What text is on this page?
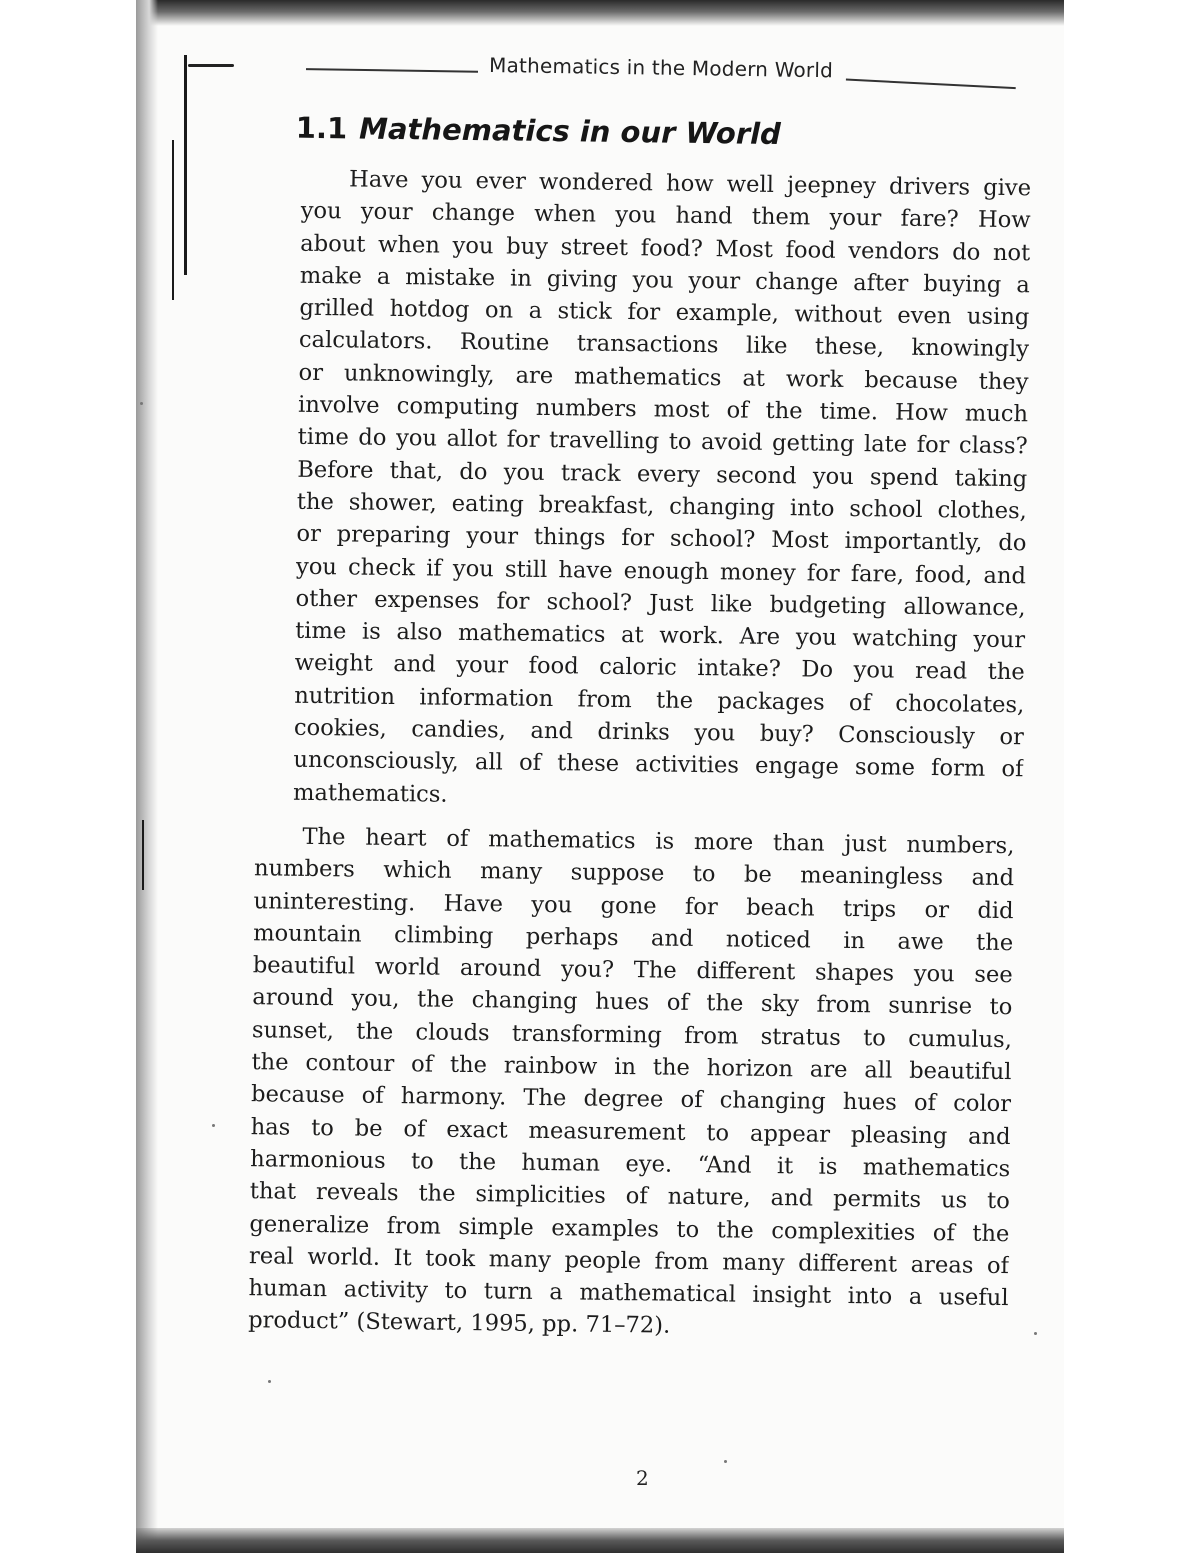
Mathematics in the Modern World
1.1 Mathematics in our World
Have you ever wondered how well jeepney drivers give
you your change when you hand them your fare? How
about when you buy street food? Most food vendors do not
make a mistake in giving you your change after buying a
grilled hotdog on a stick for example, without even using
calculators. Routine transactions like these, knowingly
or unknowingly, are mathematics at work because they
involve computing numbers most of the time. How much
time do you allot for travelling to avoid getting late for class?
Before that, do you track every second you spend taking
the shower, eating breakfast, changing into school clothes,
or preparing your things for school? Most importantly, do
you check if you still have enough money for fare, food, and
other expenses for school? Just like budgeting allowance,
time is also mathematics at work. Are you watching your
weight and your food caloric intake? Do you read the
nutrition information from the packages of chocolates,
cookies, candies, and drinks you buy? Consciously or
unconsciously, all of these activities engage some form of
mathematics.
The heart of mathematics is more than just numbers,
numbers which many suppose to be meaningless and
uninteresting. Have you gone for beach trips or did
mountain climbing perhaps and noticed in awe the
beautiful world around you? The different shapes you see
around you, the changing hues of the sky from sunrise to
sunset, the clouds transforming from stratus to cumulus,
the contour of the rainbow in the horizon are all beautiful
because of harmony. The degree of changing hues of color
has to be of exact measurement to appear pleasing and
harmonious to the human eye. “And it is mathematics
that reveals the simplicities of nature, and permits us to
generalize from simple examples to the complexities of the
real world. It took many people from many different areas of
human activity to turn a mathematical insight into a useful
product” (Stewart, 1995, pp. 71–72).
2
